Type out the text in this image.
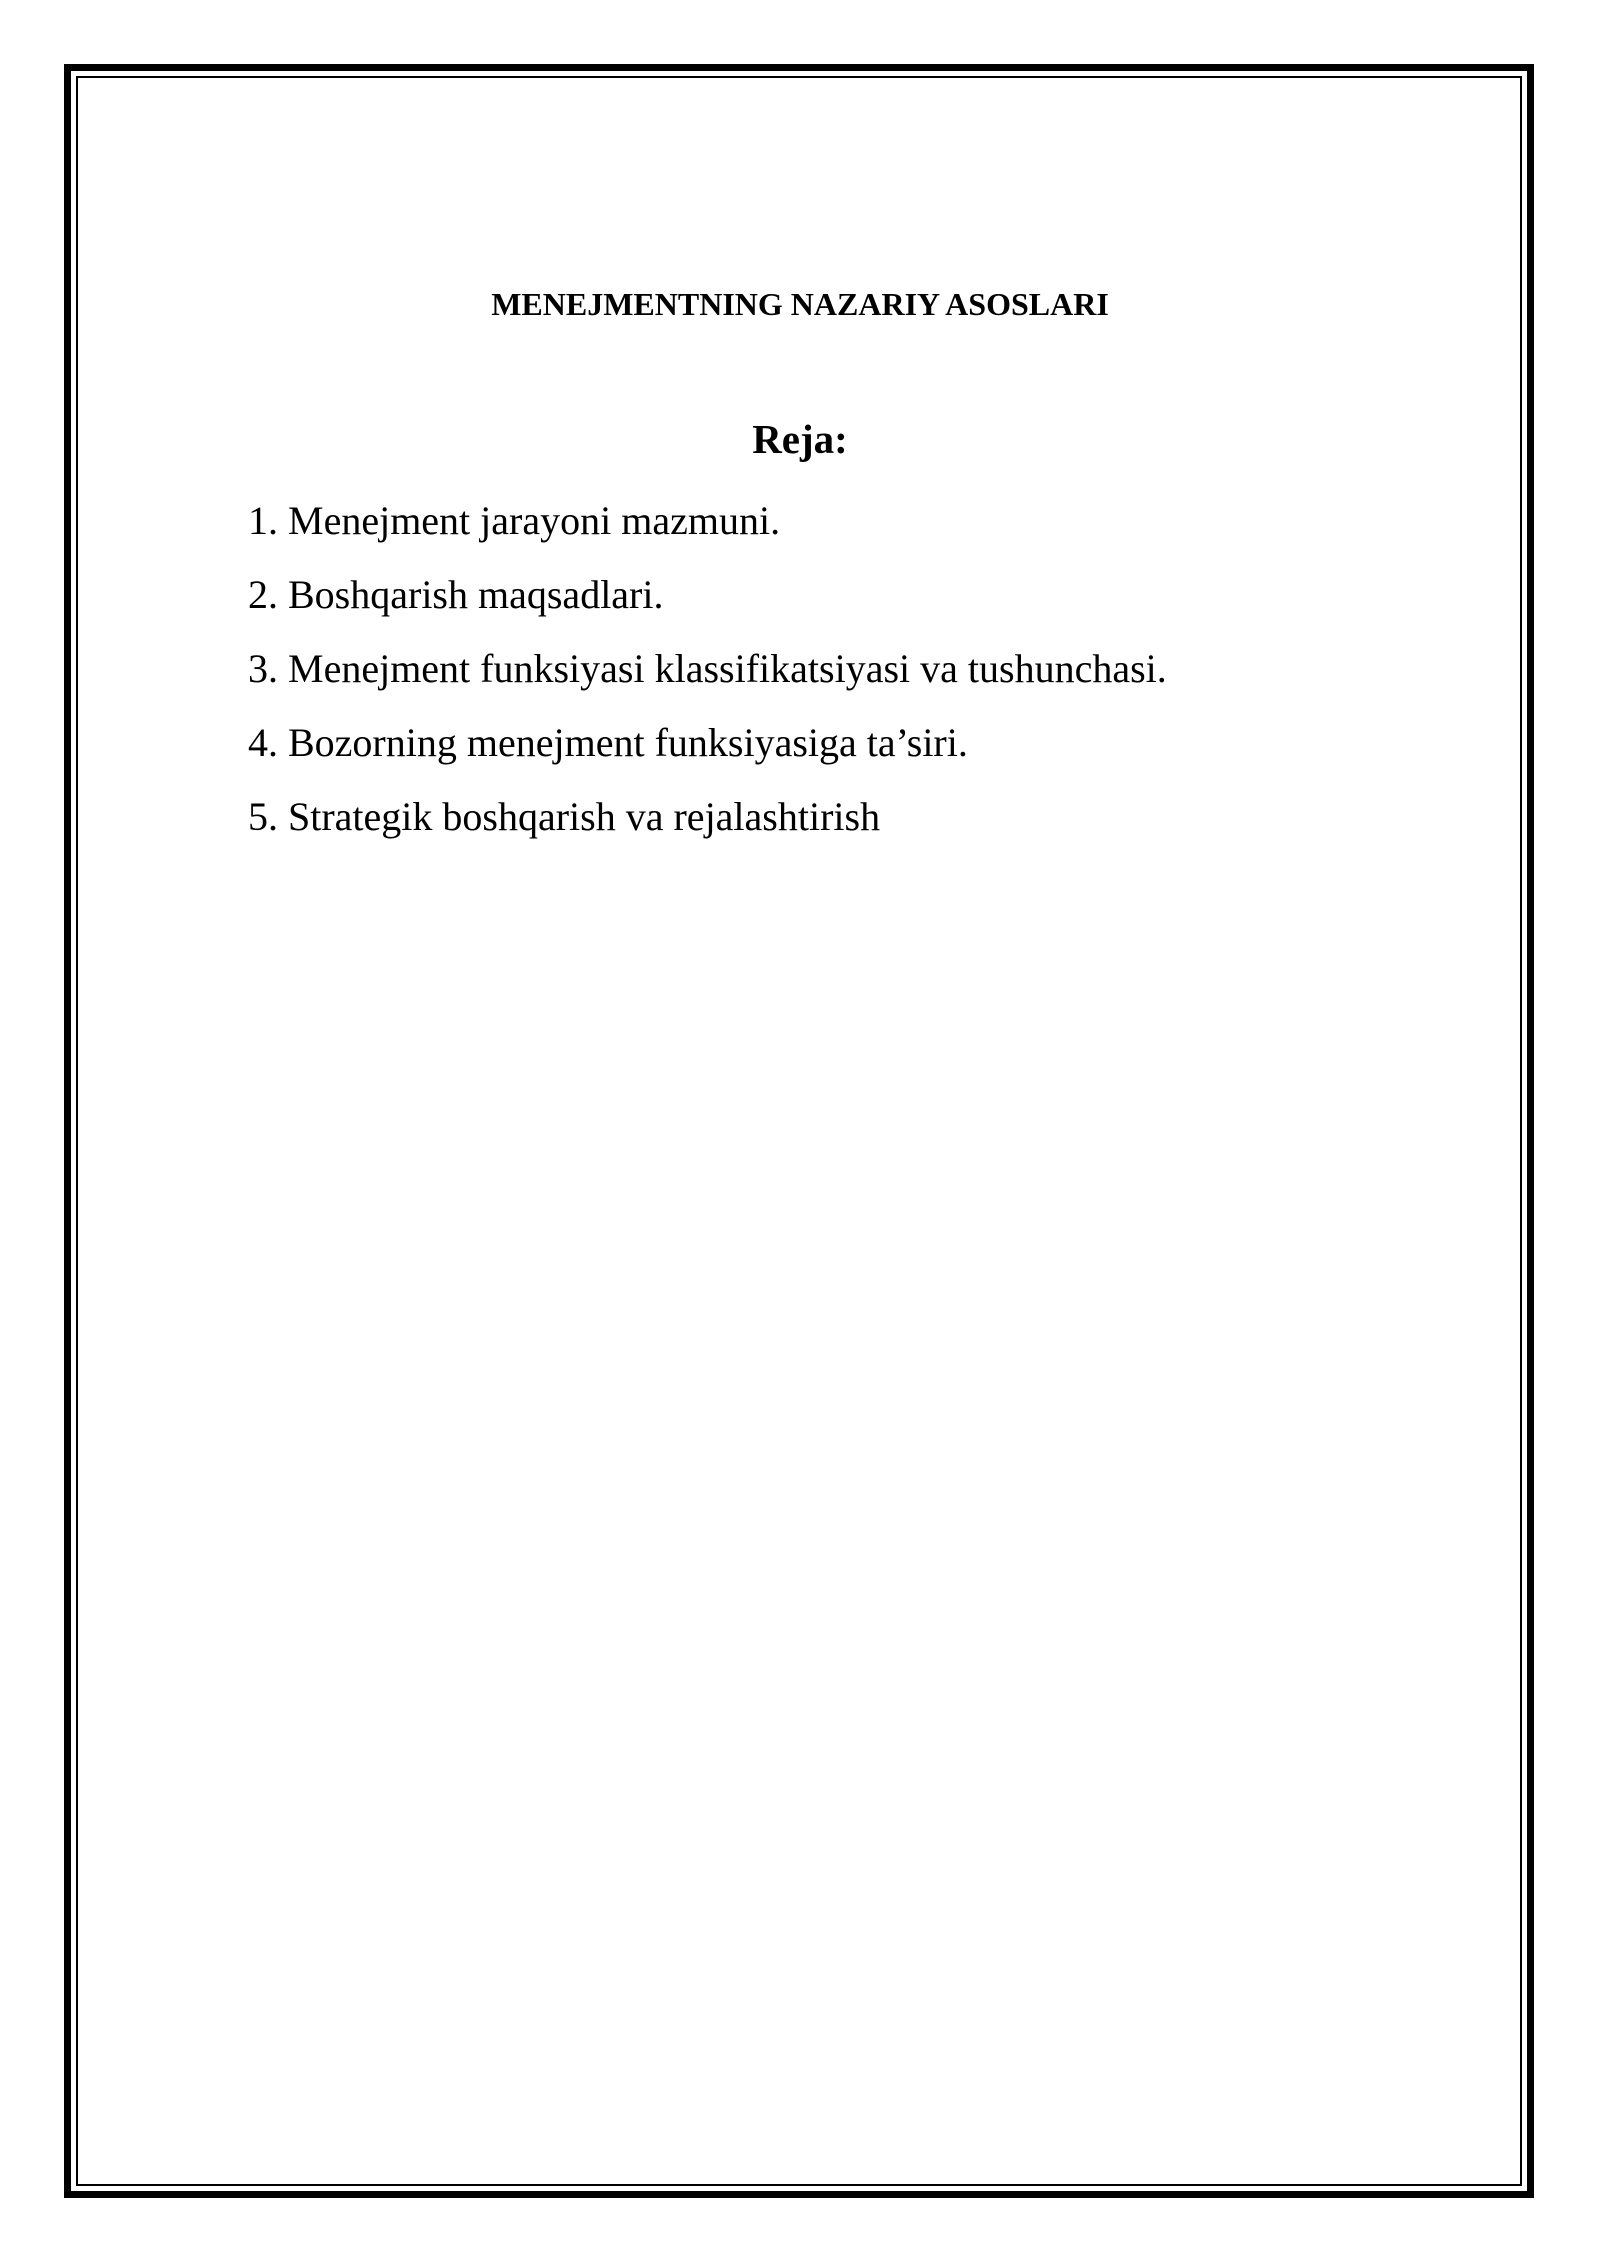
MENEJMENTNING NAZARIY ASOSLARI
Reja:
1. Menejment jarayoni mazmuni.
2. Boshqarish maqsadlari.
3. Menejment funksiyasi klassifikatsiyasi va tushunchasi.
4. Bozorning menejment funksiyasiga ta’siri.
5. Strategik boshqarish va rejalashtirish
